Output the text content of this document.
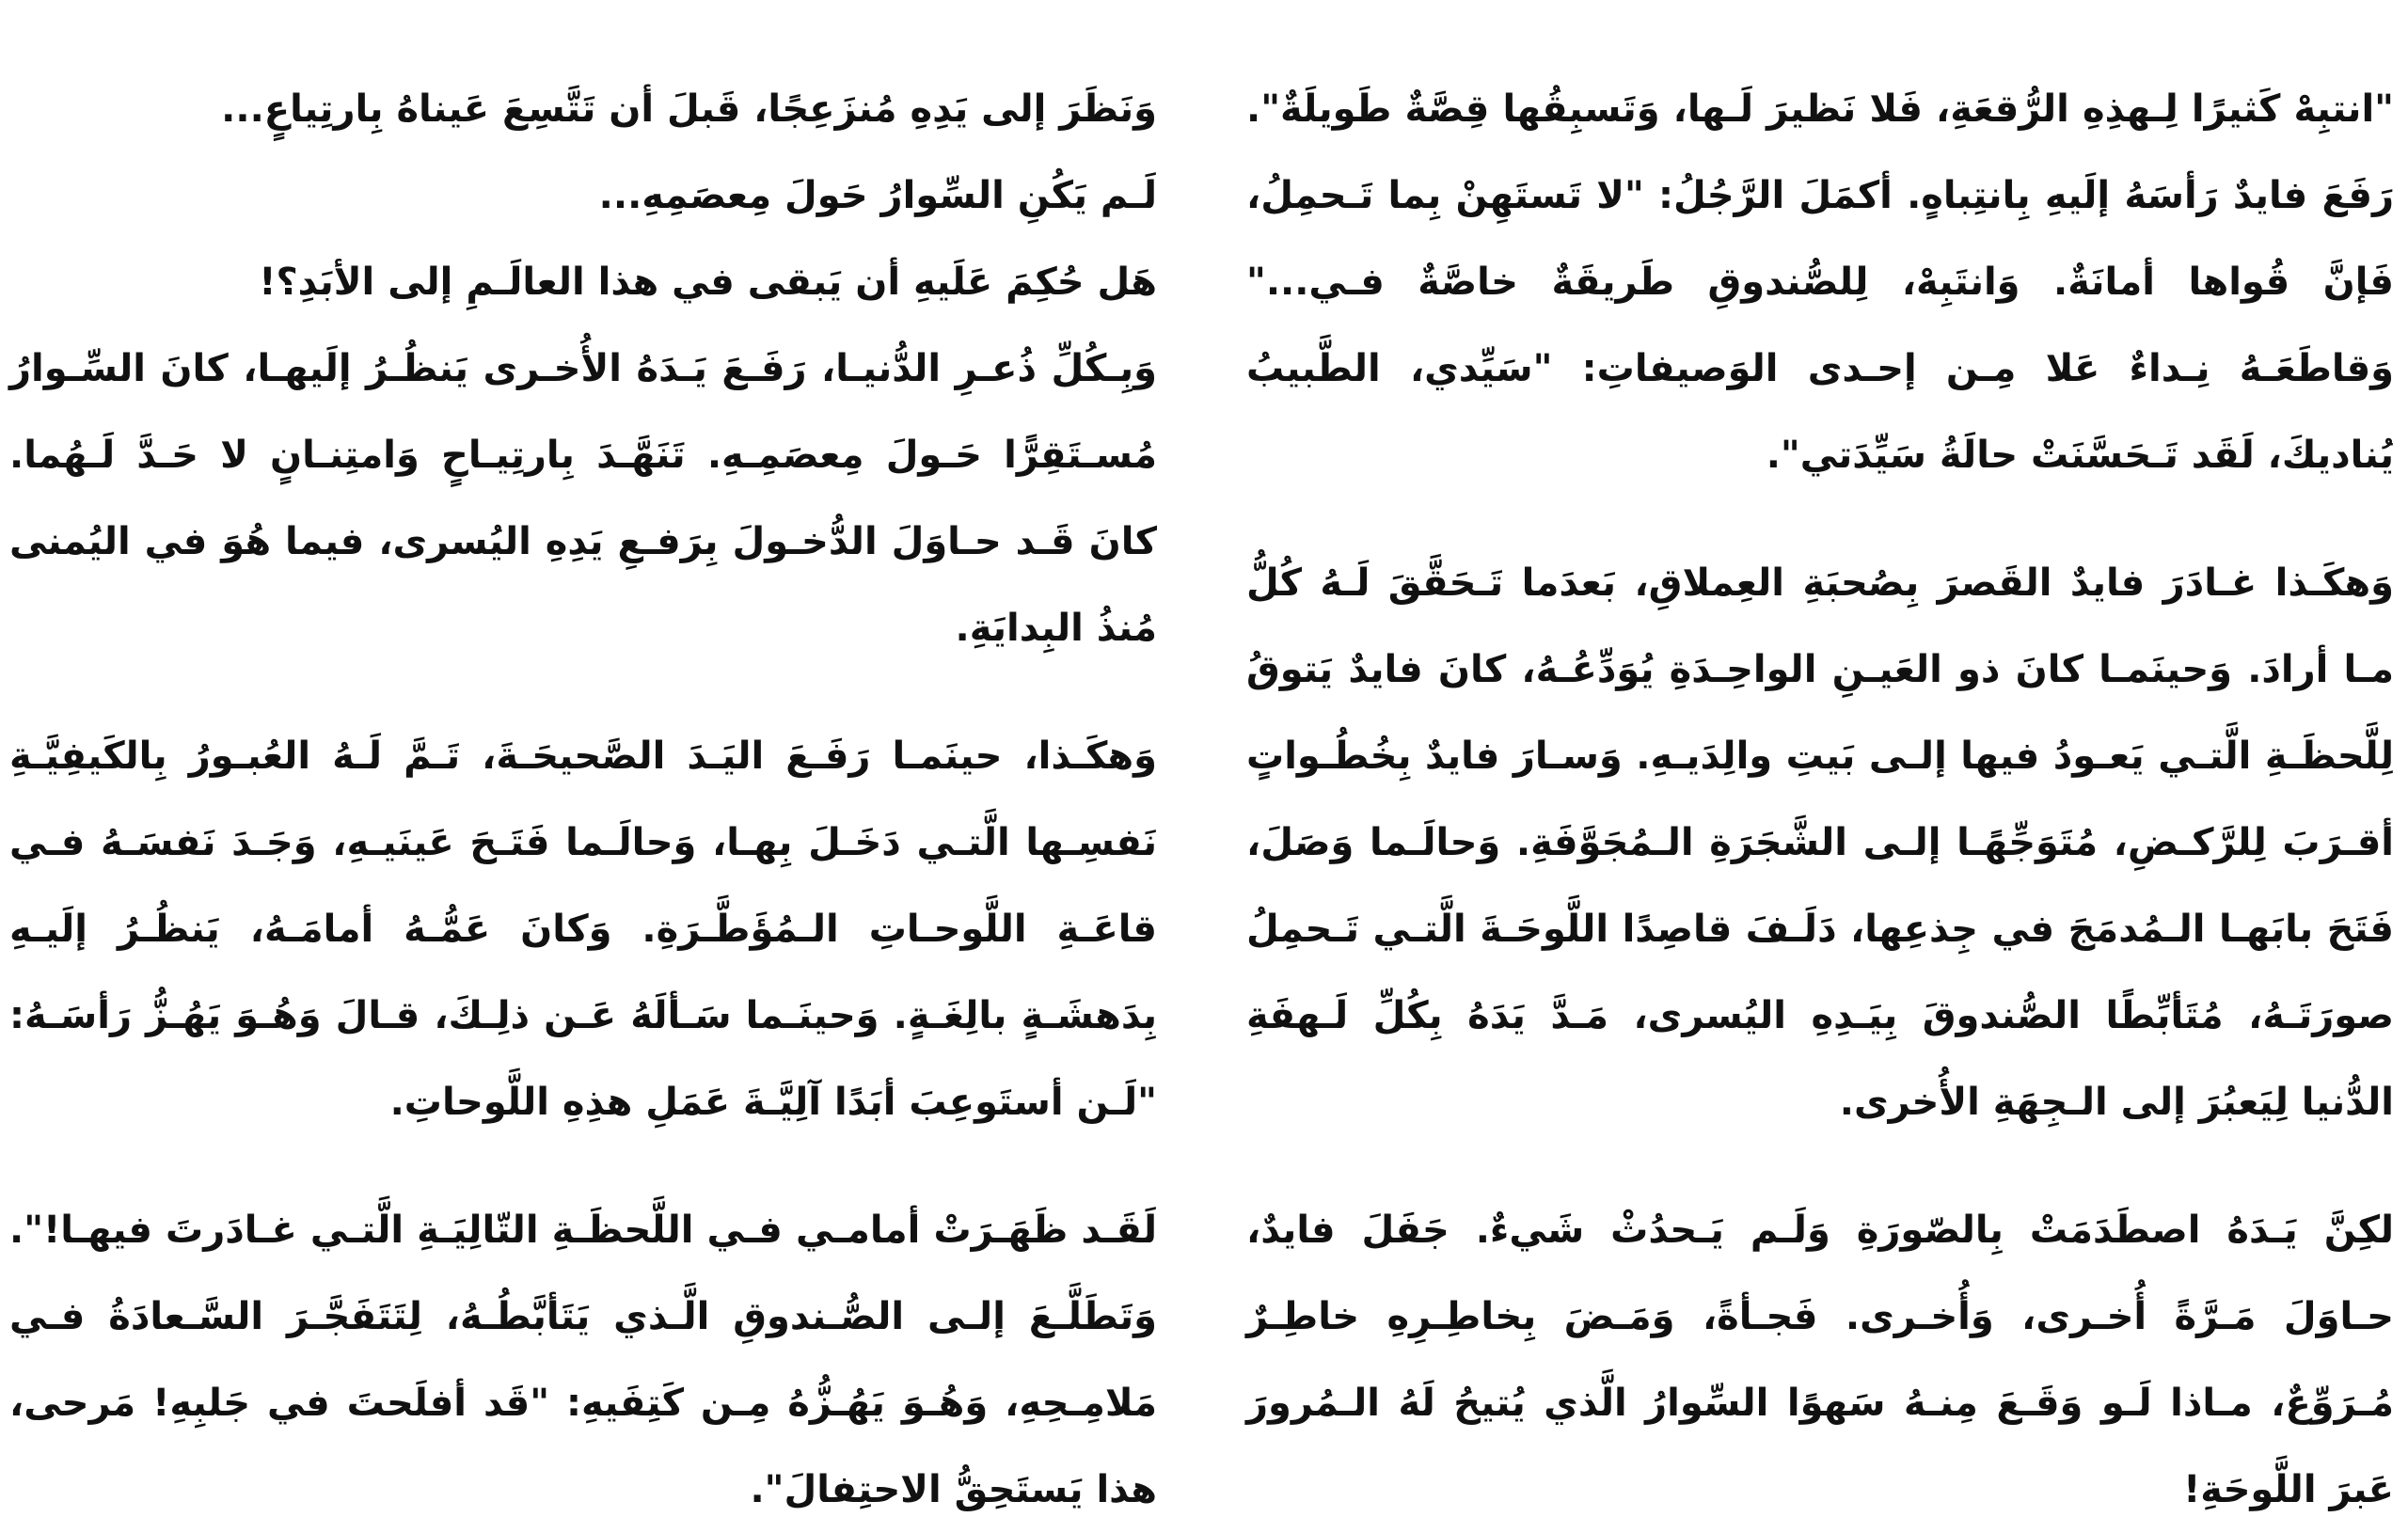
"انتبِهْ كَثيرًا لِـهذِهِ الرُّقعَةِ، فَلا نَظيرَ لَـها، وَتَسبِقُها قِصَّةٌ طَويلَةٌ". رَفَعَ فايدٌ رَأسَهُ إلَيهِ بِانتِباهٍ. أكمَلَ الرَّجُلُ: "لا تَستَهِنْ بِما تَـحمِلُ، فَإنَّ قُواها أمانَةٌ. وَانتَبِهْ، لِلصُّندوقِ طَريقَةٌ خاصَّةٌ فـي..." وَقاطَعَـهُ نِـداءٌ عَلا مِـن إحـدى الوَصيفاتِ: "سَيِّدي، الطَّبيبُ يُناديكَ، لَقَد تَـحَسَّنَتْ حالَةُ سَيِّدَتي".

وَهكَـذا غـادَرَ فايدٌ القَصرَ بِصُحبَةِ العِملاقِ، بَعدَما تَـحَقَّقَ لَـهُ كُلُّ مـا أرادَ. وَحينَمـا كانَ ذو العَيـنِ الواحِـدَةِ يُوَدِّعُـهُ، كانَ فايدٌ يَتوقُ لِلَّحظَـةِ الَّتـي يَعـودُ فيها إلـى بَيتِ والِدَيـهِ. وَسـارَ فايدٌ بِخُطُـواتٍ أقـرَبَ لِلرَّكـضِ، مُتَوَجِّهًـا إلـى الشَّجَرَةِ الـمُجَوَّفَةِ. وَحالَـما وَصَلَ، فَتَحَ بابَهـا الـمُدمَجَ في جِذعِها، دَلَـفَ قاصِدًا اللَّوحَـةَ الَّتـي تَـحمِلُ صورَتَـهُ، مُتَأبِّطًا الصُّندوقَ بِيَـدِهِ اليُسرى، مَـدَّ يَدَهُ بِكُلِّ لَـهفَةِ الدُّنيا لِيَعبُرَ إلى الـجِهَةِ الأُخرى.

لكِنَّ يَـدَهُ اصطَدَمَتْ بِالصّورَةِ وَلَـم يَـحدُثْ شَيءٌ. جَفَلَ فايدٌ، حـاوَلَ مَـرَّةً أُخـرى، وَأُخـرى. فَجـأةً، وَمَـضَ بِخاطِـرِهِ خاطِـرٌ مُـرَوِّعٌ، مـاذا لَـو وَقَـعَ مِنـهُ سَهوًا السِّوارُ الَّذي يُتيحُ لَهُ الـمُرورَ عَبرَ اللَّوحَةِ!

وَنَظَرَ إلى يَدِهِ مُنزَعِجًا، قَبلَ أن تَتَّسِعَ عَيناهُ بِارتِياعٍ...

لَـم يَكُنِ السِّوارُ حَولَ مِعصَمِهِ...

هَل حُكِمَ عَلَيهِ أن يَبقى في هذا العالَـمِ إلى الأبَدِ؟!

وَبِـكُلِّ ذُعـرِ الدُّنيـا، رَفَـعَ يَـدَهُ الأُخـرى يَنظُـرُ إلَيهـا، كانَ السِّـوارُ مُسـتَقِرًّا حَـولَ مِعصَمِـهِ. تَنَهَّـدَ بِارتِيـاحٍ وَامتِنـانٍ لا حَـدَّ لَـهُما. كانَ قَـد حـاوَلَ الدُّخـولَ بِرَفـعِ يَدِهِ اليُسرى، فيما هُوَ في اليُمنى مُنذُ البِدايَةِ.

وَهكَـذا، حينَمـا رَفَـعَ اليَـدَ الصَّحيحَـةَ، تَـمَّ لَـهُ العُبـورُ بِالكَيفِيَّـةِ نَفسِـها الَّتـي دَخَـلَ بِهـا، وَحالَـما فَتَـحَ عَينَيـهِ، وَجَـدَ نَفسَـهُ فـي قاعَـةِ اللَّوحـاتِ الـمُؤَطَّـرَةِ. وَكانَ عَمُّـهُ أمامَـهُ، يَنظُـرُ إلَيـهِ بِدَهشَـةٍ بالِغَـةٍ. وَحينَـما سَـألَهُ عَـن ذلِـكَ، قـالَ وَهُـوَ يَهُـزُّ رَأسَـهُ: "لَـن أستَوعِبَ أبَدًا آلِيَّـةَ عَمَلِ هذِهِ اللَّوحاتِ.

لَقَـد ظَهَـرَتْ أمامـي فـي اللَّحظَـةِ التّالِيَـةِ الَّتـي غـادَرتَ فيهـا!". وَتَطَلَّـعَ إلـى الصُّـندوقِ الَّـذي يَتَأبَّطُـهُ، لِتَتَفَجَّـرَ السَّـعادَةُ فـي مَلامِـحِهِ، وَهُـوَ يَهُـزُّهُ مِـن كَتِفَيهِ: "قَد أفلَحتَ في جَلبِهِ! مَرحى، هذا يَستَحِقُّ الاحتِفالَ".
